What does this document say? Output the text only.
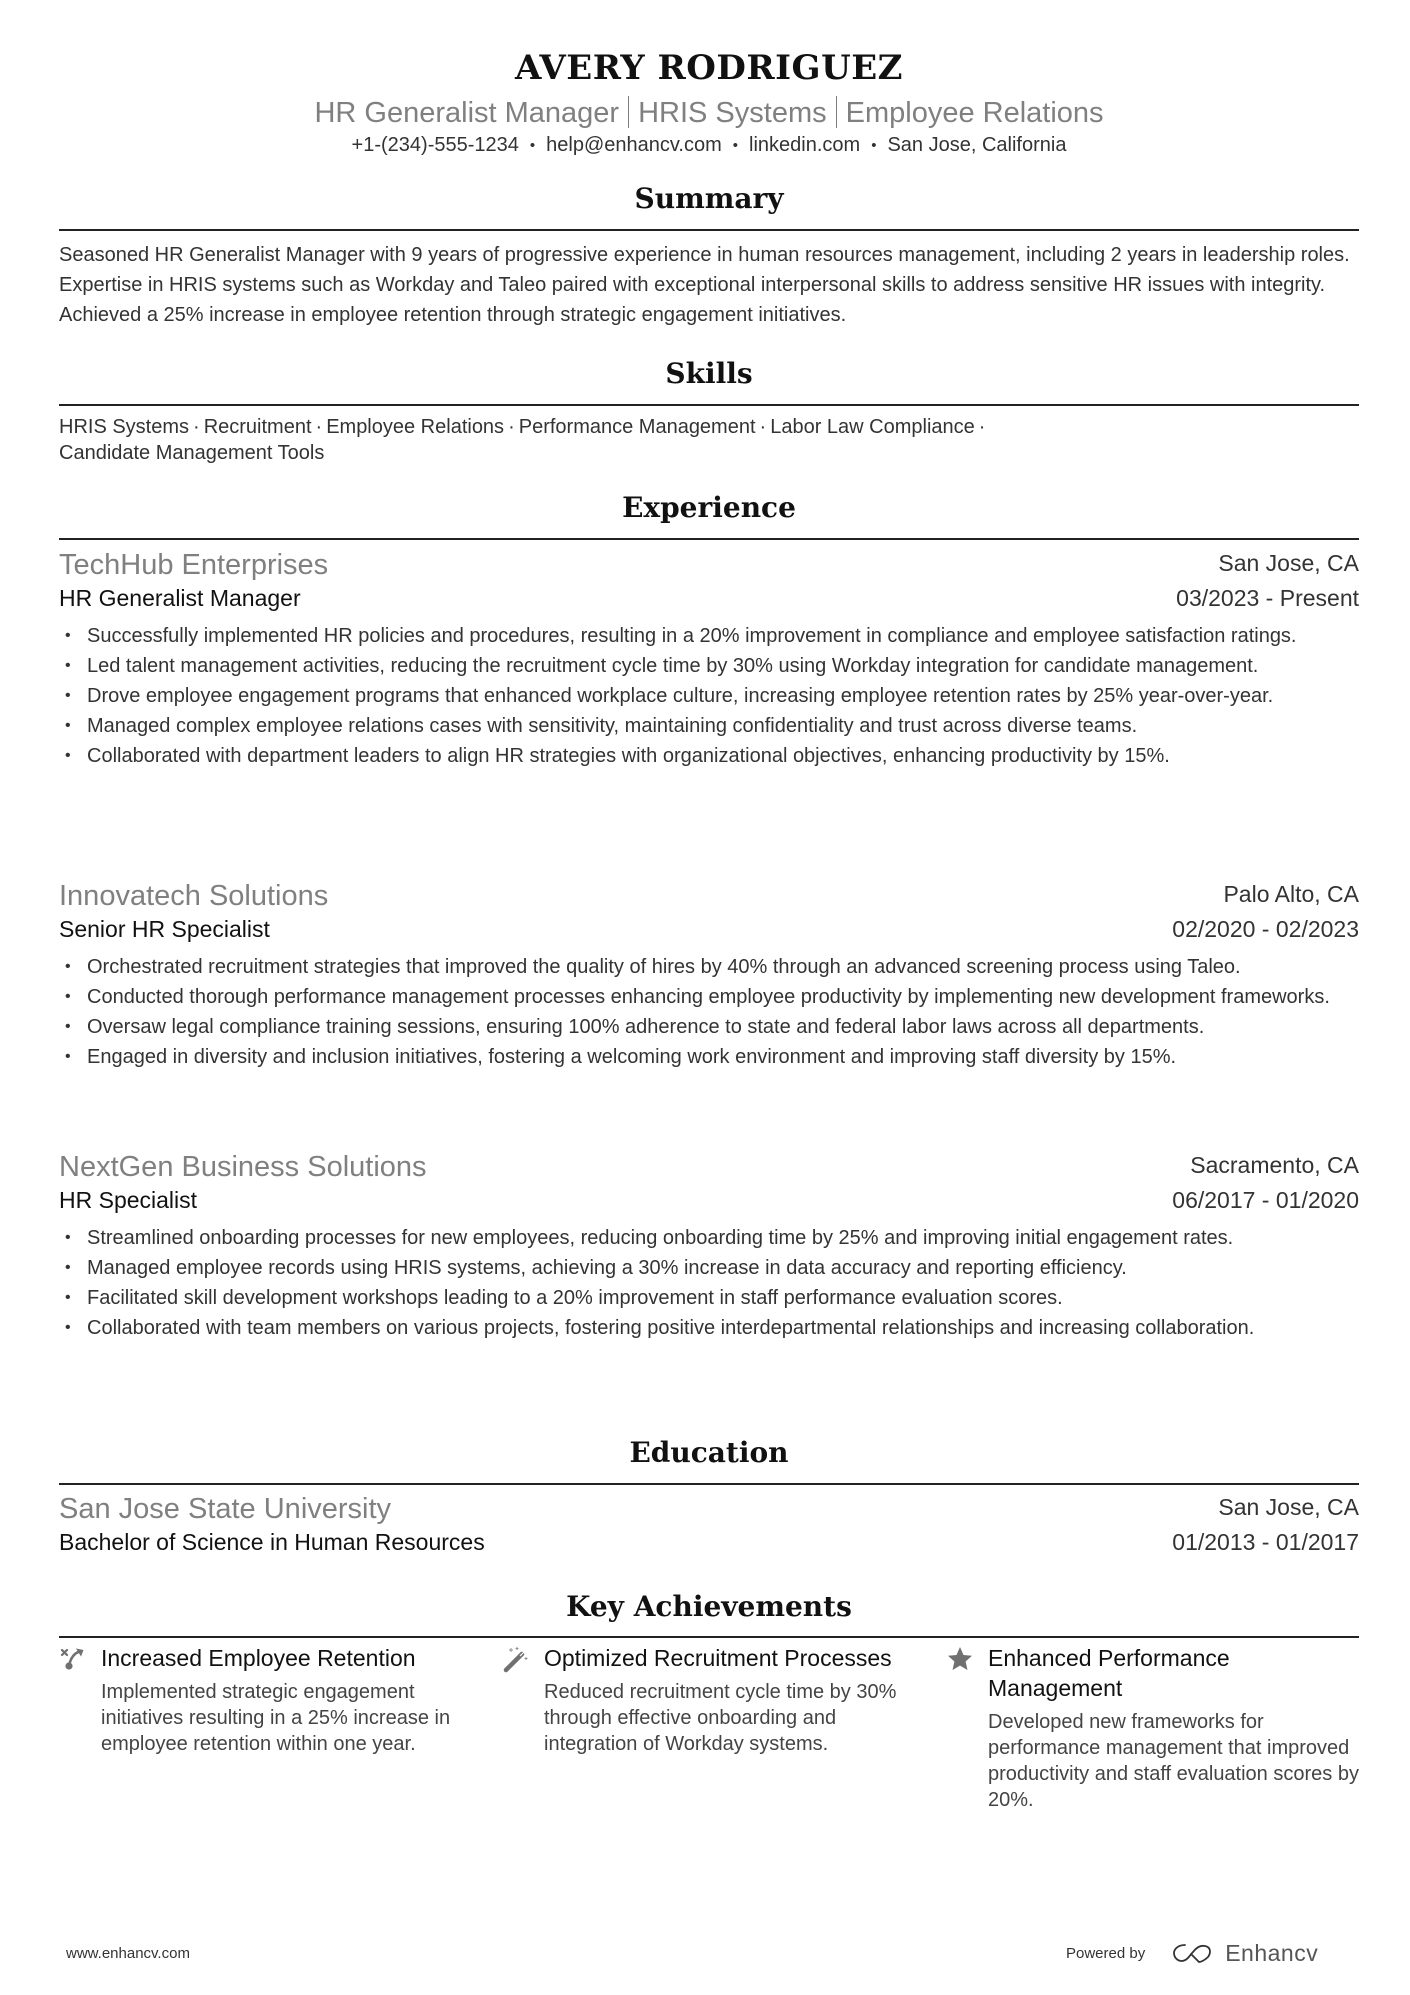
AVERY RODRIGUEZ
HR Generalist Manager HRIS Systems Employee Relations
+1-(234)-555-1234 • help@enhancv.com • linkedin.com • San Jose, California
Summary
Seasoned HR Generalist Manager with 9 years of progressive experience in human resources management, including 2 years in leadership roles. Expertise in HRIS systems such as Workday and Taleo paired with exceptional interpersonal skills to address sensitive HR issues with integrity. Achieved a 25% increase in employee retention through strategic engagement initiatives.
Skills
HRIS Systems · Recruitment · Employee Relations · Performance Management · Labor Law Compliance ·
Candidate Management Tools
Experience
TechHub Enterprises	San Jose, CA
HR Generalist Manager	03/2023 - Present
• Successfully implemented HR policies and procedures, resulting in a 20% improvement in compliance and employee satisfaction ratings.
• Led talent management activities, reducing the recruitment cycle time by 30% using Workday integration for candidate management.
• Drove employee engagement programs that enhanced workplace culture, increasing employee retention rates by 25% year-over-year.
• Managed complex employee relations cases with sensitivity, maintaining confidentiality and trust across diverse teams.
• Collaborated with department leaders to align HR strategies with organizational objectives, enhancing productivity by 15%.
Innovatech Solutions	Palo Alto, CA
Senior HR Specialist	02/2020 - 02/2023
• Orchestrated recruitment strategies that improved the quality of hires by 40% through an advanced screening process using Taleo.
• Conducted thorough performance management processes enhancing employee productivity by implementing new development frameworks.
• Oversaw legal compliance training sessions, ensuring 100% adherence to state and federal labor laws across all departments.
• Engaged in diversity and inclusion initiatives, fostering a welcoming work environment and improving staff diversity by 15%.
NextGen Business Solutions	Sacramento, CA
HR Specialist	06/2017 - 01/2020
• Streamlined onboarding processes for new employees, reducing onboarding time by 25% and improving initial engagement rates.
• Managed employee records using HRIS systems, achieving a 30% increase in data accuracy and reporting efficiency.
• Facilitated skill development workshops leading to a 20% improvement in staff performance evaluation scores.
• Collaborated with team members on various projects, fostering positive interdepartmental relationships and increasing collaboration.
Education
San Jose State University	San Jose, CA
Bachelor of Science in Human Resources	01/2013 - 01/2017
Key Achievements
Increased Employee Retention
Implemented strategic engagement initiatives resulting in a 25% increase in employee retention within one year.
Optimized Recruitment Processes
Reduced recruitment cycle time by 30% through effective onboarding and integration of Workday systems.
Enhanced Performance Management
Developed new frameworks for performance management that improved productivity and staff evaluation scores by 20%.
www.enhancv.com	Powered by	Enhancv
